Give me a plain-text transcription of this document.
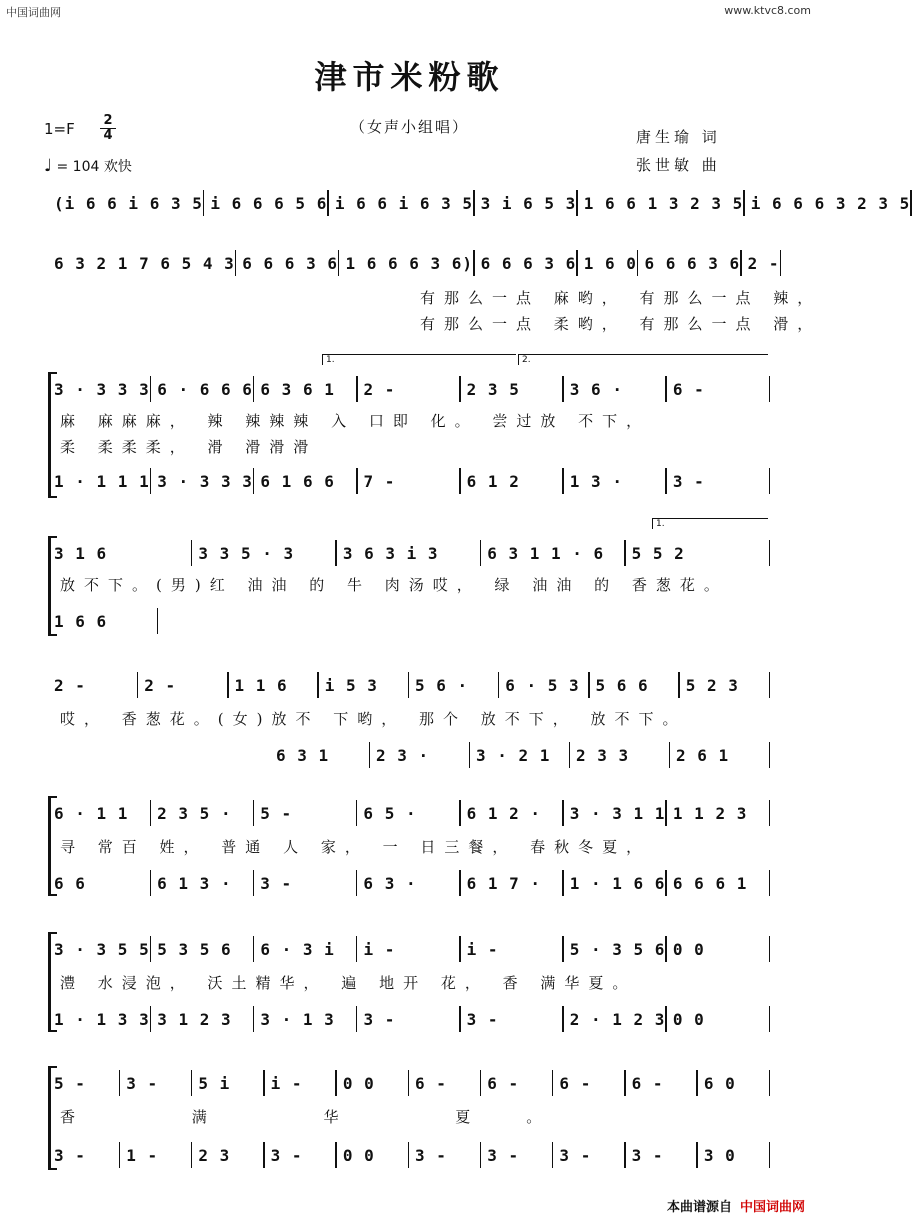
中国词曲网	www.ktvc8.com
津市米粉歌
（女声小组唱）
1=F 2
4
♩ = 104 欢快
唐生瑜 词
张世敏 曲
(i 6 6 i 6 3 5 i 6 6 6 5 6 i 6 6 i 6 3 5 3 i 6 5 3 1 6 6 1 3 2 3 5 i 6 6 6 3 2 3 5
6 3 2 1 7 6 5 4 3 6 6 6 3 6 1 6 6 6 3 6) 6 6 6 3 6 1 6 0 6 6 6 3 6 2 -
有那么一点 麻哟， 有那么一点 辣，
有那么一点 柔哟， 有那么一点 滑，
1.	2.
3 · 3 3 3 6 · 6 6 6 6 3 6 1	2 -	2 3 5	3 6 ·	6 -
麻 麻麻麻， 辣 辣辣辣 入 口即 化。 尝过放 不下，
柔 柔柔柔， 滑 滑滑滑
1 · 1 1 1 3 · 3 3 3 6 1 6 6	7 -	6 1 2	1 3 ·	3 -
1.
3 1 6	3 3 5 · 3	3 6 3 i 3	6 3 1 1 · 6	5 5 2
放不下。(男)红 油油 的 牛 肉汤哎， 绿 油油 的 香葱花。
1 6 6
2 -	2 -	1 1 6	i 5 3	5 6 ·	6 · 5 3 5 6 6	5 2 3
哎， 香葱花。(女)放不 下哟， 那个 放不下， 放不下。
6 3 1	2 3 ·	3 · 2 1	2 3 3	2 6 1
6 · 1 1	2 3 5 ·	5 -	6 5 ·	6 1 2 ·	3 · 3 1 1 1 1 2 3
寻 常百 姓， 普通 人 家， 一 日三餐， 春秋冬夏，
6 6	6 1 3 ·	3 -	6 3 ·	6 1 7 ·	1 · 1 6 6 6 6 6 1
3 · 3 5 5 5 3 5 6	6 · 3 i	i -	i -	5 · 3 5 6 0 0
澧 水浸泡， 沃土精华， 遍 地开 花， 香 满华夏。
1 · 1 3 3 3 1 2 3	3 · 1 3	3 -	3 -	2 · 1 2 3 0 0
5 -	3 -	5 i	i -	0 0	6 -	6 -	6 -	6 -	6 0
香 满 华 夏。
3 -	1 -	2 3	3 -	0 0	3 -	3 -	3 -	3 -	3 0
本曲谱源自 中国词曲网
